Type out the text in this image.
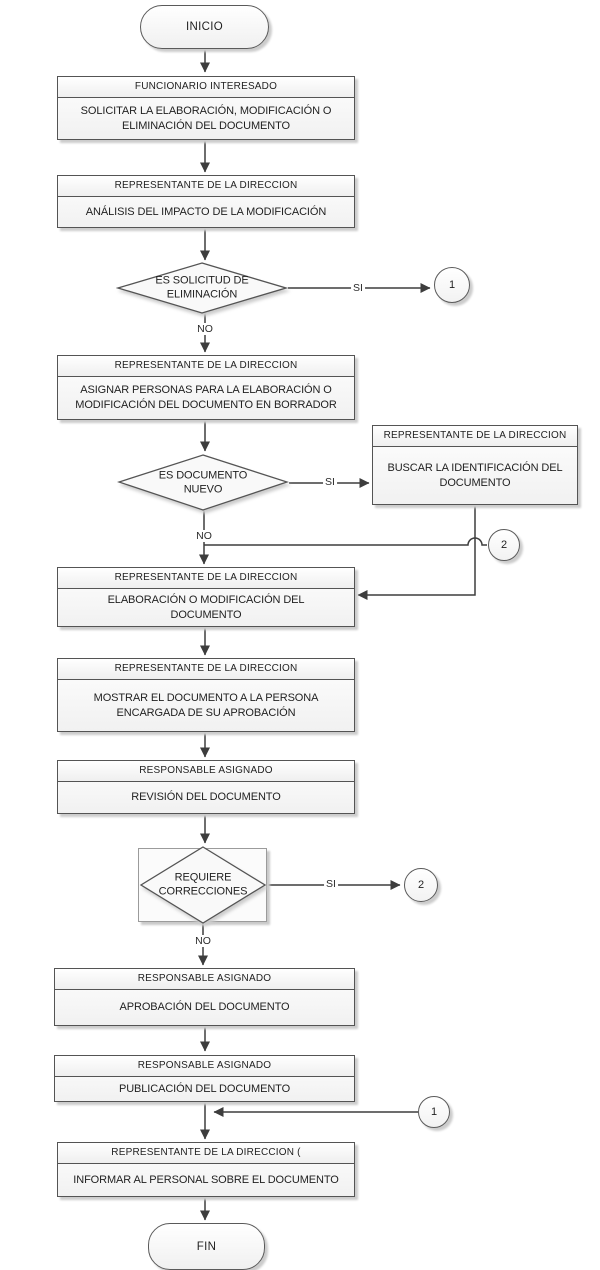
INICIO
FUNCIONARIO INTERESADO
SOLICITAR LA ELABORACIÓN, MODIFICACIÓN O ELIMINACIÓN DEL DOCUMENTO
REPRESENTANTE DE LA DIRECCION
ANÁLISIS DEL IMPACTO DE LA MODIFICACIÓN
ES SOLICITUD DE ELIMINACIÓN
1
REPRESENTANTE DE LA DIRECCION
ASIGNAR PERSONAS PARA LA ELABORACIÓN O MODIFICACIÓN DEL DOCUMENTO EN BORRADOR
ES DOCUMENTO NUEVO
REPRESENTANTE DE LA DIRECCION
BUSCAR LA IDENTIFICACIÓN DEL DOCUMENTO
2
REPRESENTANTE DE LA DIRECCION
ELABORACIÓN O MODIFICACIÓN DEL DOCUMENTO
REPRESENTANTE DE LA DIRECCION
MOSTRAR EL DOCUMENTO A LA PERSONA ENCARGADA DE SU APROBACIÓN
RESPONSABLE ASIGNADO
REVISIÓN DEL DOCUMENTO
REQUIERE CORRECCIONES
2
RESPONSABLE ASIGNADO
APROBACIÓN DEL DOCUMENTO
RESPONSABLE ASIGNADO
PUBLICACIÓN DEL DOCUMENTO
1
REPRESENTANTE DE LA DIRECCION (
INFORMAR AL PERSONAL SOBRE EL DOCUMENTO
FIN
SI
NO
SI
NO
SI
NO
